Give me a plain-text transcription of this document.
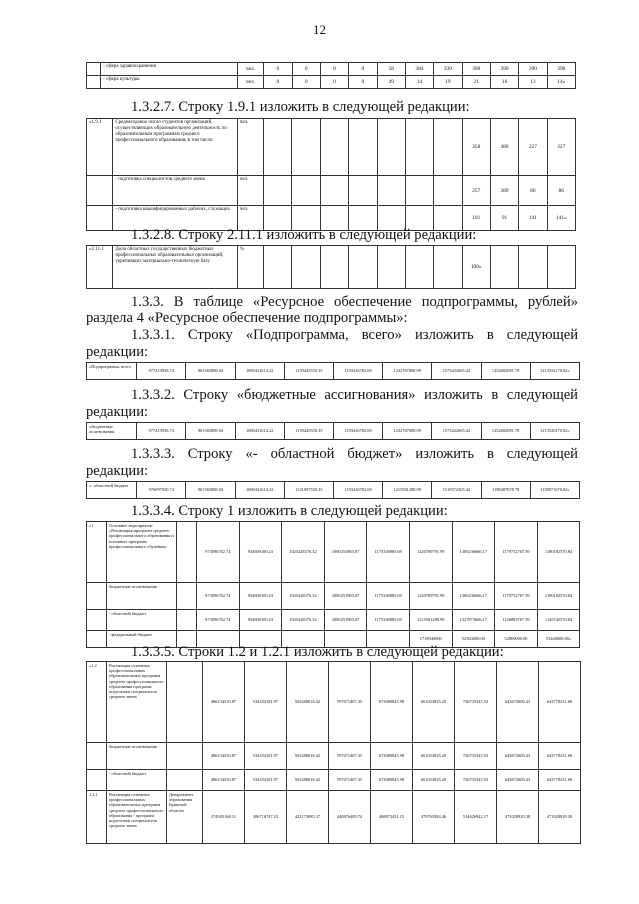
12
	- сфера здравоохранения	чел.	0	0	0	0	58	384	330	390	390	390	390
	- сфера культуры	чел.	0	0	0	0	49	14	19	21	16	13	14»
1.3.2.7. Строку 1.9.1 изложить в следующей редакции:
«1.9.1	Среднегодовое число студентов организаций, осуществляющих образовательную деятельность по образовательным программам среднего профессионального образования, в том числе:	чел.								358	480	227	227
	- подготовка специалистов среднего звена	чел.								257	389	86	86
	- подготовка квалифицированных рабочих, служащих	чел.								101	91	141	141»
1.3.2.8. Строку 2.11.1 изложить в следующей редакции:
«2.11.1	Доля областных государственных бюджетных профессиональных образовательных организаций, укрепивших материально-техническую базу	%								100»			
1.3.3. В таблице «Ресурсное обеспечение подпрограммы, рублей»
раздела 4 «Ресурсное обеспечение подпрограммы»:
1.3.3.1. Строку «Подпрограмма, всего» изложить в следующей
редакции:
«Подпрограмма, всего	977419938.74	961565888.04	1080431614.22	1139445550.35	1193416782.69	1232767688.99	1573422665.42	1252682081.78	1213524170.82»
1.3.3.2. Строку «бюджетные ассигнования» изложить в следующей
редакции:
«бюджетные ассигнования	977419938.74	961565888.04	1080431614.22	1139445550.35	1193416782.69	1232767688.99	1573422665.42	1252682081.78	1213520170.82»
1.3.3.3. Строку «- областной бюджет» изложить в следующей
редакции:
«- областной бюджет	976097930.74	961565888.04	1080431614.22	1121097550.35	1193416782.69	1215581288.99	1519572305.42	1198407078.78	1158971670.82»
1.3.3.4. Строку 1 изложить в следующей редакции:
«1	Основное мероприятие «Реализация программ среднего профессионального образования и основных программ профессионального обучения»		973096782.74	934600100.23	1025428376.32	1080251883.87	1175338885.69	1220709791.99	1380236666.17	1179752767.59	1180182570.84
	бюджетные ассигнования		973096782.74	934600100.23	1025428376.32	1080251883.87	1175338885.69	1220709791.99	1380236666.17	1179752767.59	1180182570.84
	- областной бюджет		973096782.74	934600100.23	1025428376.32	1080251883.87	1175338885.69	1215581288.99	1327873666.17	1126883767.59	1126742570.84
	- федеральный бюджет							1718940000	52363000.00	52869000.00	53440000.00»
1.3.3.5. Строки 1.2 и 1.2.1 изложить в следующей редакции:
«1.2	Реализация основных профессиональных образовательных программ среднего профессионального образования программ подготовки специалистов среднего звена		486134530.87	534104181.97	563288616.42	597671407.35	673080845.98	661023835.20	726735345.53	643672000.43	643778231.68
	бюджетные ассигнования		486134530.87	534104181.97	563288616.42	597671407.35	673080845.98	661023835.20	726735345.53	643672000.43	643778231.68
	- областной бюджет		486134530.87	534104181.97	563288616.42	597671407.35	673080845.98	661023835.20	726735345.53	643672000.43	643778231.68
1.2.1	Реализация основных профессиональных образовательных программ среднего профессионального образования - программ подготовки специалистов среднего звена	Департамент образования Брянской области	374945168.31	386716747.23	422173085.37	440876489.74	468873451.15	479763584.46	514626942.17	471028929.38	471028929.38
